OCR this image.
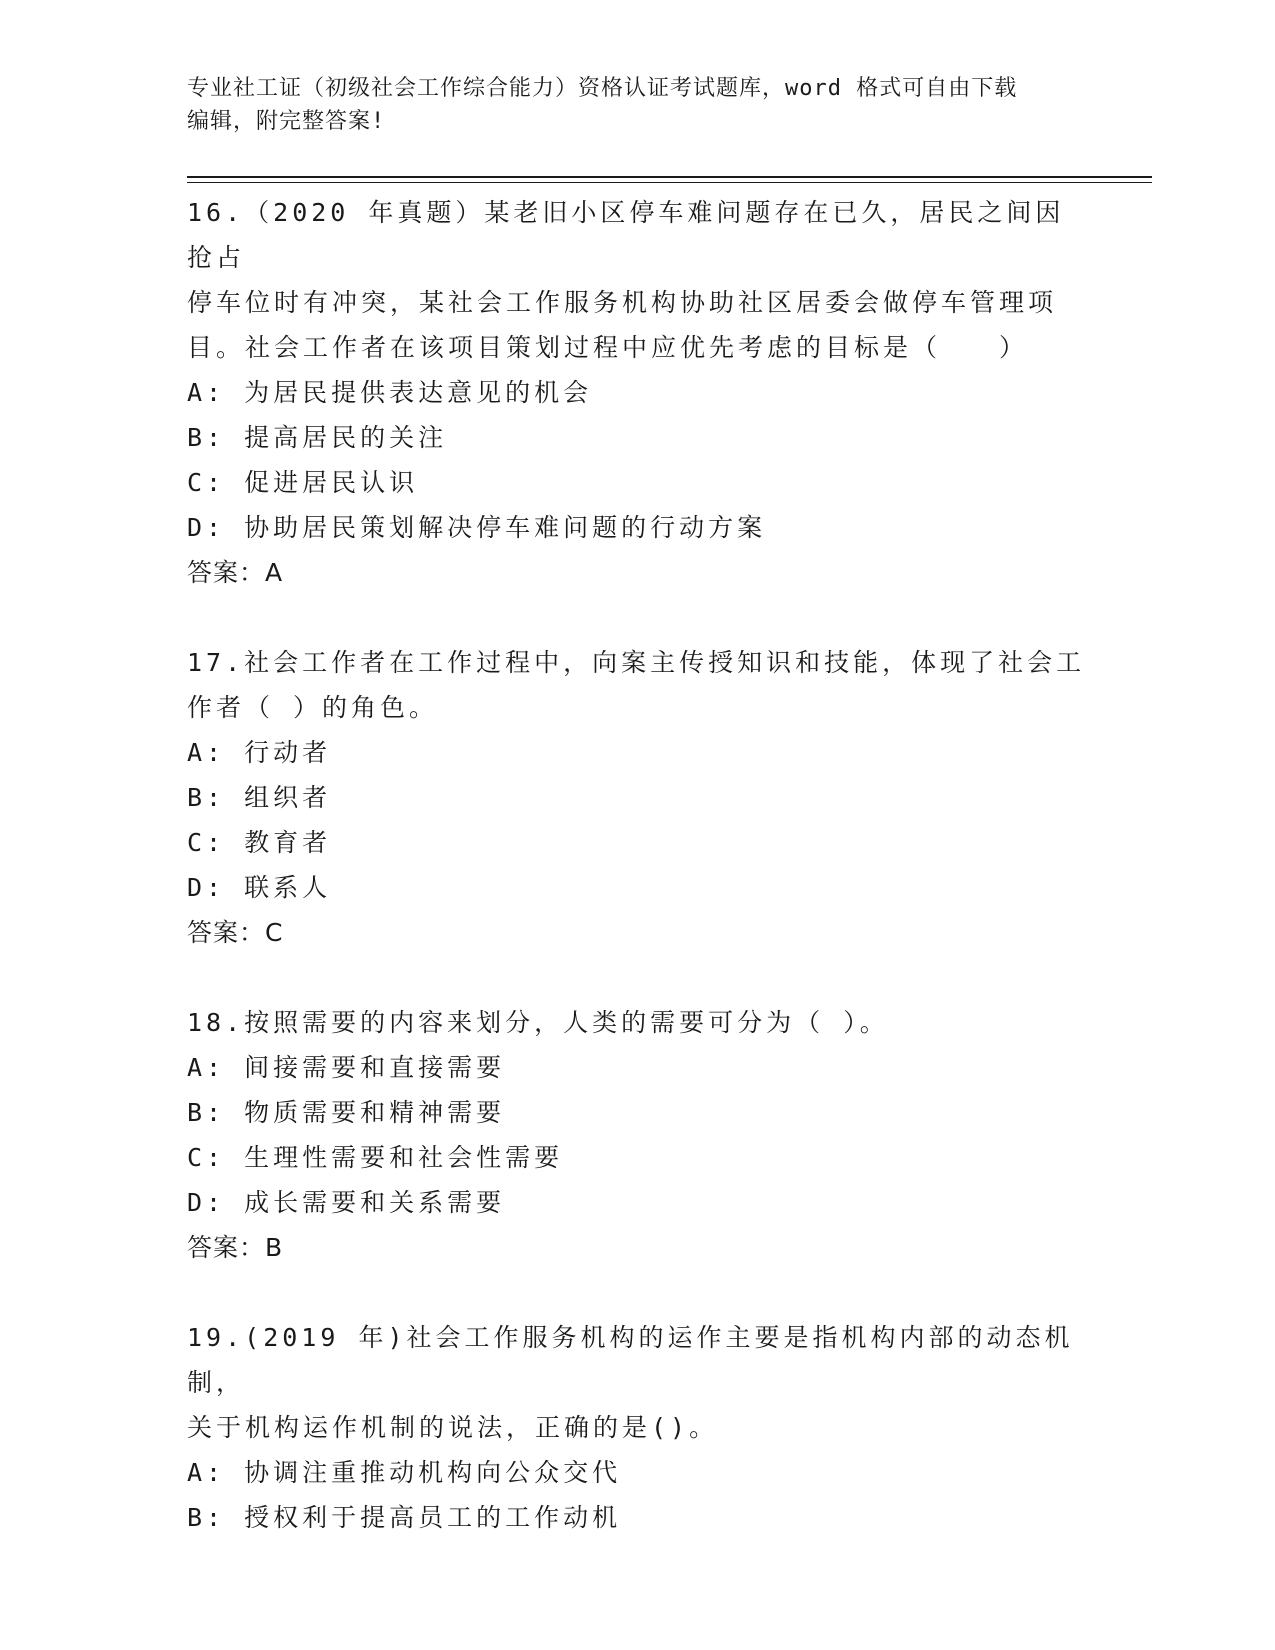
专业社工证（初级社会工作综合能力）资格认证考试题库，word 格式可自由下载
编辑，附完整答案!

16.（2020 年真题）某老旧小区停车难问题存在已久，居民之间因抢占

停车位时有冲突，某社会工作服务机构协助社区居委会做停车管理项

目。社会工作者在该项目策划过程中应优先考虑的目标是（　　）

A: 为居民提供表达意见的机会

B: 提高居民的关注

C: 促进居民认识

D: 协助居民策划解决停车难问题的行动方案

答案：A

17.社会工作者在工作过程中，向案主传授知识和技能，体现了社会工

作者（ ）的角色。

A: 行动者

B: 组织者

C: 教育者

D: 联系人

答案：C

18.按照需要的内容来划分，人类的需要可分为（ ）。

A: 间接需要和直接需要

B: 物质需要和精神需要

C: 生理性需要和社会性需要

D: 成长需要和关系需要

答案：B

19.(2019 年)社会工作服务机构的运作主要是指机构内部的动态机制，

关于机构运作机制的说法，正确的是()。

A: 协调注重推动机构向公众交代

B: 授权利于提高员工的工作动机
